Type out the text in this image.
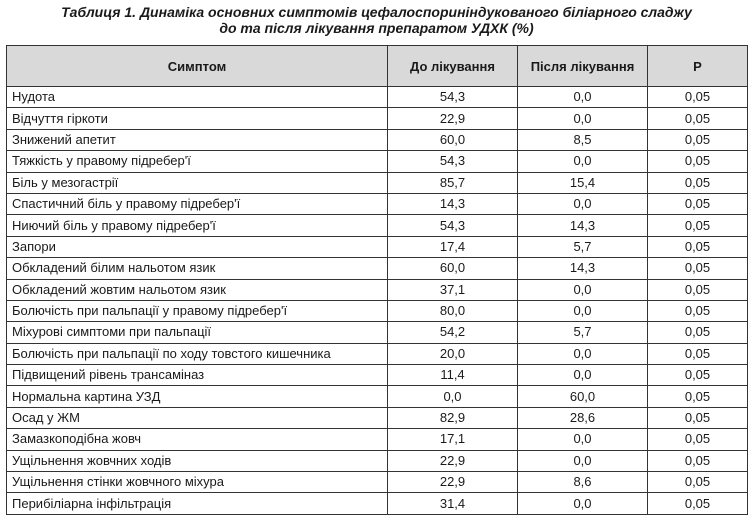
Таблиця 1. Динаміка основних симптомів цефалоспоринiндукованого біліарного сладжу
до та після лікування препаратом УДХК (%)
Симптом	До лікування	Після лікування	Р
Нудота	54,3	0,0	0,05
Відчуття гіркоти	22,9	0,0	0,05
Знижений апетит	60,0	8,5	0,05
Тяжкість у правому підребер'ї	54,3	0,0	0,05
Біль у мезогастрії	85,7	15,4	0,05
Спастичний біль у правому підребер'ї	14,3	0,0	0,05
Ниючий біль у правому підребер'ї	54,3	14,3	0,05
Запори	17,4	5,7	0,05
Обкладений білим нальотом язик	60,0	14,3	0,05
Обкладений жовтим нальотом язик	37,1	0,0	0,05
Болючість при пальпації у правому підребер'ї	80,0	0,0	0,05
Міхурові симптоми при пальпації	54,2	5,7	0,05
Болючість при пальпації по ходу товстого кишечника	20,0	0,0	0,05
Підвищений рівень трансаміназ	11,4	0,0	0,05
Нормальна картина УЗД	0,0	60,0	0,05
Осад у ЖМ	82,9	28,6	0,05
Замазкоподібна жовч	17,1	0,0	0,05
Ущільнення жовчних ходів	22,9	0,0	0,05
Ущільнення стінки жовчного міхура	22,9	8,6	0,05
Перибіліарна інфільтрація	31,4	0,0	0,05
